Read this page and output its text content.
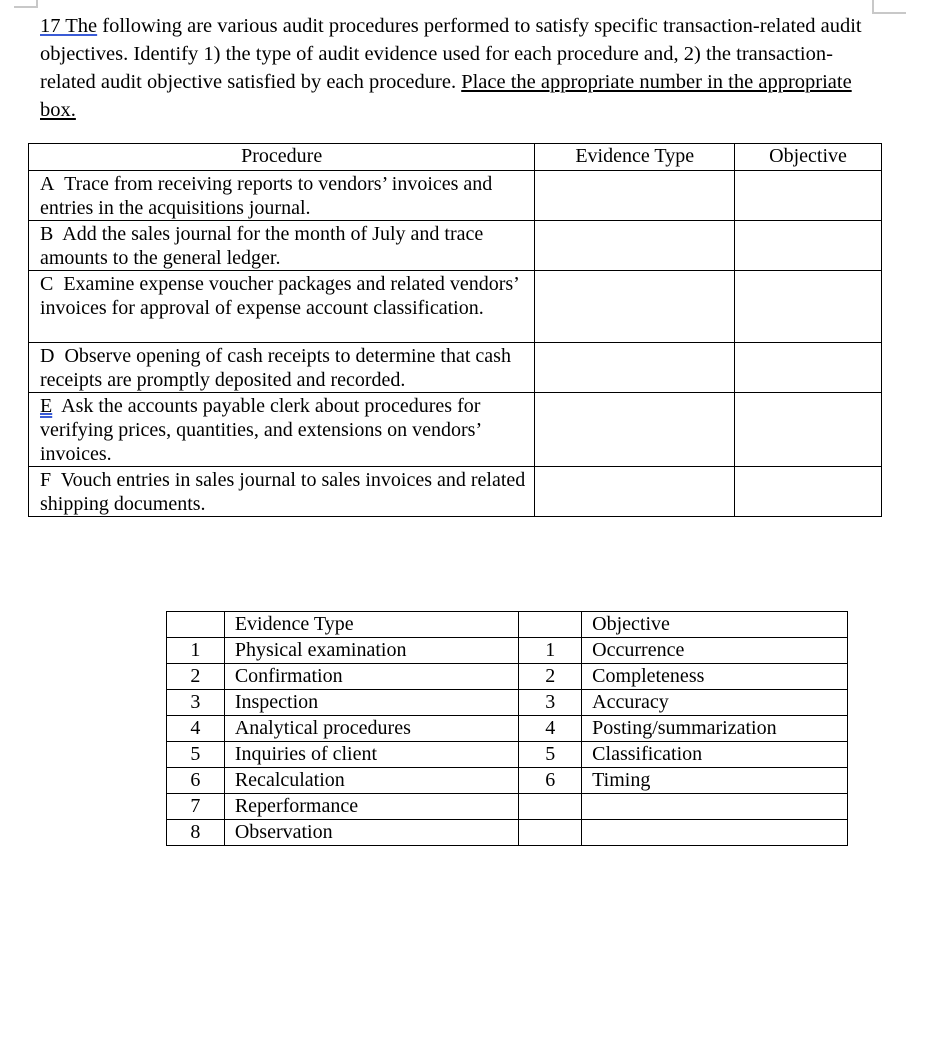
17 The following are various audit procedures performed to satisfy specific transaction-related audit objectives. Identify 1) the type of audit evidence used for each procedure and, 2) the transaction-related audit objective satisfied by each procedure. Place the appropriate number in the appropriate box.
Procedure	Evidence Type	Objective
A Trace from receiving reports to vendors’ invoices and entries in the acquisitions journal.		
B Add the sales journal for the month of July and trace amounts to the general ledger.		
C Examine expense voucher packages and related vendors’ invoices for approval of expense account classification.		
D Observe opening of cash receipts to determine that cash receipts are promptly deposited and recorded.		
E Ask the accounts payable clerk about procedures for verifying prices, quantities, and extensions on vendors’ invoices.		
F Vouch entries in sales journal to sales invoices and related shipping documents.		
	Evidence Type		Objective
1	Physical examination	1	Occurrence
2	Confirmation	2	Completeness
3	Inspection	3	Accuracy
4	Analytical procedures	4	Posting/summarization
5	Inquiries of client	5	Classification
6	Recalculation	6	Timing
7	Reperformance		
8	Observation		
